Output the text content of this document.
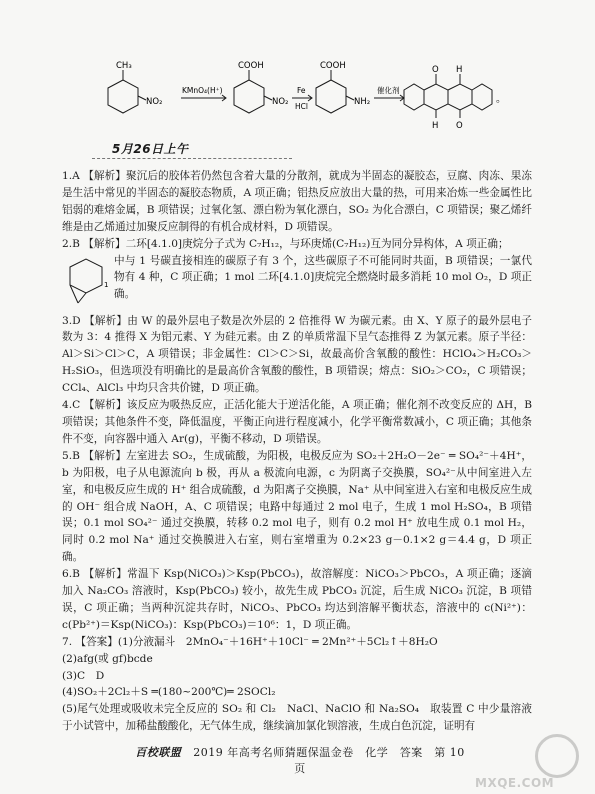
CH₃
NO₂
KMnO₄(H⁺)
COOH
NO₂
Fe
HCl
COOH
NH₂
催化剂
O
H
H
O
。
5月26日上午

1.A 【解析】聚沉后的胶体若仍然包含着大量的分散剂，就成为半固态的凝胶态，豆腐、肉冻、果冻是生活中常见的半固态的凝胶态物质，A 项正确；铝热反应放出大量的热，可用来冶炼一些金属性比铝弱的难熔金属，B 项错误；过氧化氢、漂白粉为氧化漂白，SO₂ 为化合漂白，C 项错误；聚乙烯纤维是由乙烯通过加聚反应制得的有机合成材料，D 项错误。

2.B 【解析】二环[4.1.0]庚烷分子式为 C₇H₁₂，与环庚烯(C₇H₁₂)互为同分异构体，A 项正确；
1
中与 1 号碳直接相连的碳原子有 3 个，这些碳原子不可能同时共面，B 项错误；一氯代物有 4 种，C 项正确；1 mol 二环[4.1.0]庚烷完全燃烧时最多消耗 10 mol O₂，D 项正确。

3.D 【解析】由 W 的最外层电子数是次外层的 2 倍推得 W 为碳元素。由 X、Y 原子的最外层电子数为 3：4 推得 X 为铝元素、Y 为硅元素。由 Z 的单质常温下呈气态推得 Z 为氯元素。原子半径：Al＞Si＞Cl＞C，A 项错误；非金属性：Cl＞C＞Si，故最高价含氧酸的酸性：HClO₄＞H₂CO₃＞H₂SiO₃，但选项没有明确比的是最高价含氧酸的酸性，B 项错误；熔点：SiO₂＞CO₂，C 项错误；CCl₄、AlCl₃ 中均只含共价键，D 项正确。

4.C 【解析】该反应为吸热反应，正活化能大于逆活化能，A 项正确；催化剂不改变反应的 ΔH，B 项错误；其他条件不变，降低温度，平衡正向进行程度减小，化学平衡常数减小，C 项正确；其他条件不变，向容器中通入 Ar(g)，平衡不移动，D 项错误。

5.B 【解析】左室进去 SO₂，生成硫酸，为阳极，电极反应为 SO₂＋2H₂O－2e⁻ ═ SO₄²⁻＋4H⁺，b 为阳极，电子从电源流向 b 极，再从 a 极流向电源，c 为阴离子交换膜，SO₄²⁻从中间室进入左室，和电极反应生成的 H⁺ 组合成硫酸，d 为阳离子交换膜，Na⁺ 从中间室进入右室和电极反应生成的 OH⁻ 组合成 NaOH，A、C 项错误；电路中每通过 2 mol 电子，生成 1 mol H₂SO₄，B 项错误；0.1 mol SO₄²⁻ 通过交换膜，转移 0.2 mol 电子，则有 0.2 mol H⁺ 放电生成 0.1 mol H₂，同时 0.2 mol Na⁺ 通过交换膜进入右室，则右室增重为 0.2×23 g－0.1×2 g＝4.4 g，D 项正确。

6.B 【解析】常温下 Ksp(NiCO₃)＞Ksp(PbCO₃)，故溶解度：NiCO₃＞PbCO₃，A 项正确；逐滴加入 Na₂CO₃ 溶液时，Ksp(PbCO₃) 较小，故先生成 PbCO₃ 沉淀，后生成 NiCO₃ 沉淀，B 项错误，C 项正确；当两种沉淀共存时，NiCO₃、PbCO₃ 均达到溶解平衡状态，溶液中的 c(Ni²⁺)：c(Pb²⁺)＝Ksp(NiCO₃)：Ksp(PbCO₃)＝10⁶：1，D 项正确。

7. 【答案】(1)分液漏斗　2MnO₄⁻＋16H⁺＋10Cl⁻ ═ 2Mn²⁺＋5Cl₂↑＋8H₂O

(2)afg(或 gf)bcde

(3)C　D

(4)SO₂＋2Cl₂＋S ═(180~200℃)═ 2SOCl₂

(5)尾气处理或吸收未完全反应的 SO₂ 和 Cl₂　NaCl、NaClO 和 Na₂SO₄　取装置 C 中少量溶液于小试管中，加稀盐酸酸化，无气体生成，继续滴加氯化钡溶液，生成白色沉淀，证明有

百校联盟 2019 年高考名师猜题保温金卷　化学　答案　第 10 页
MXQE.COM
